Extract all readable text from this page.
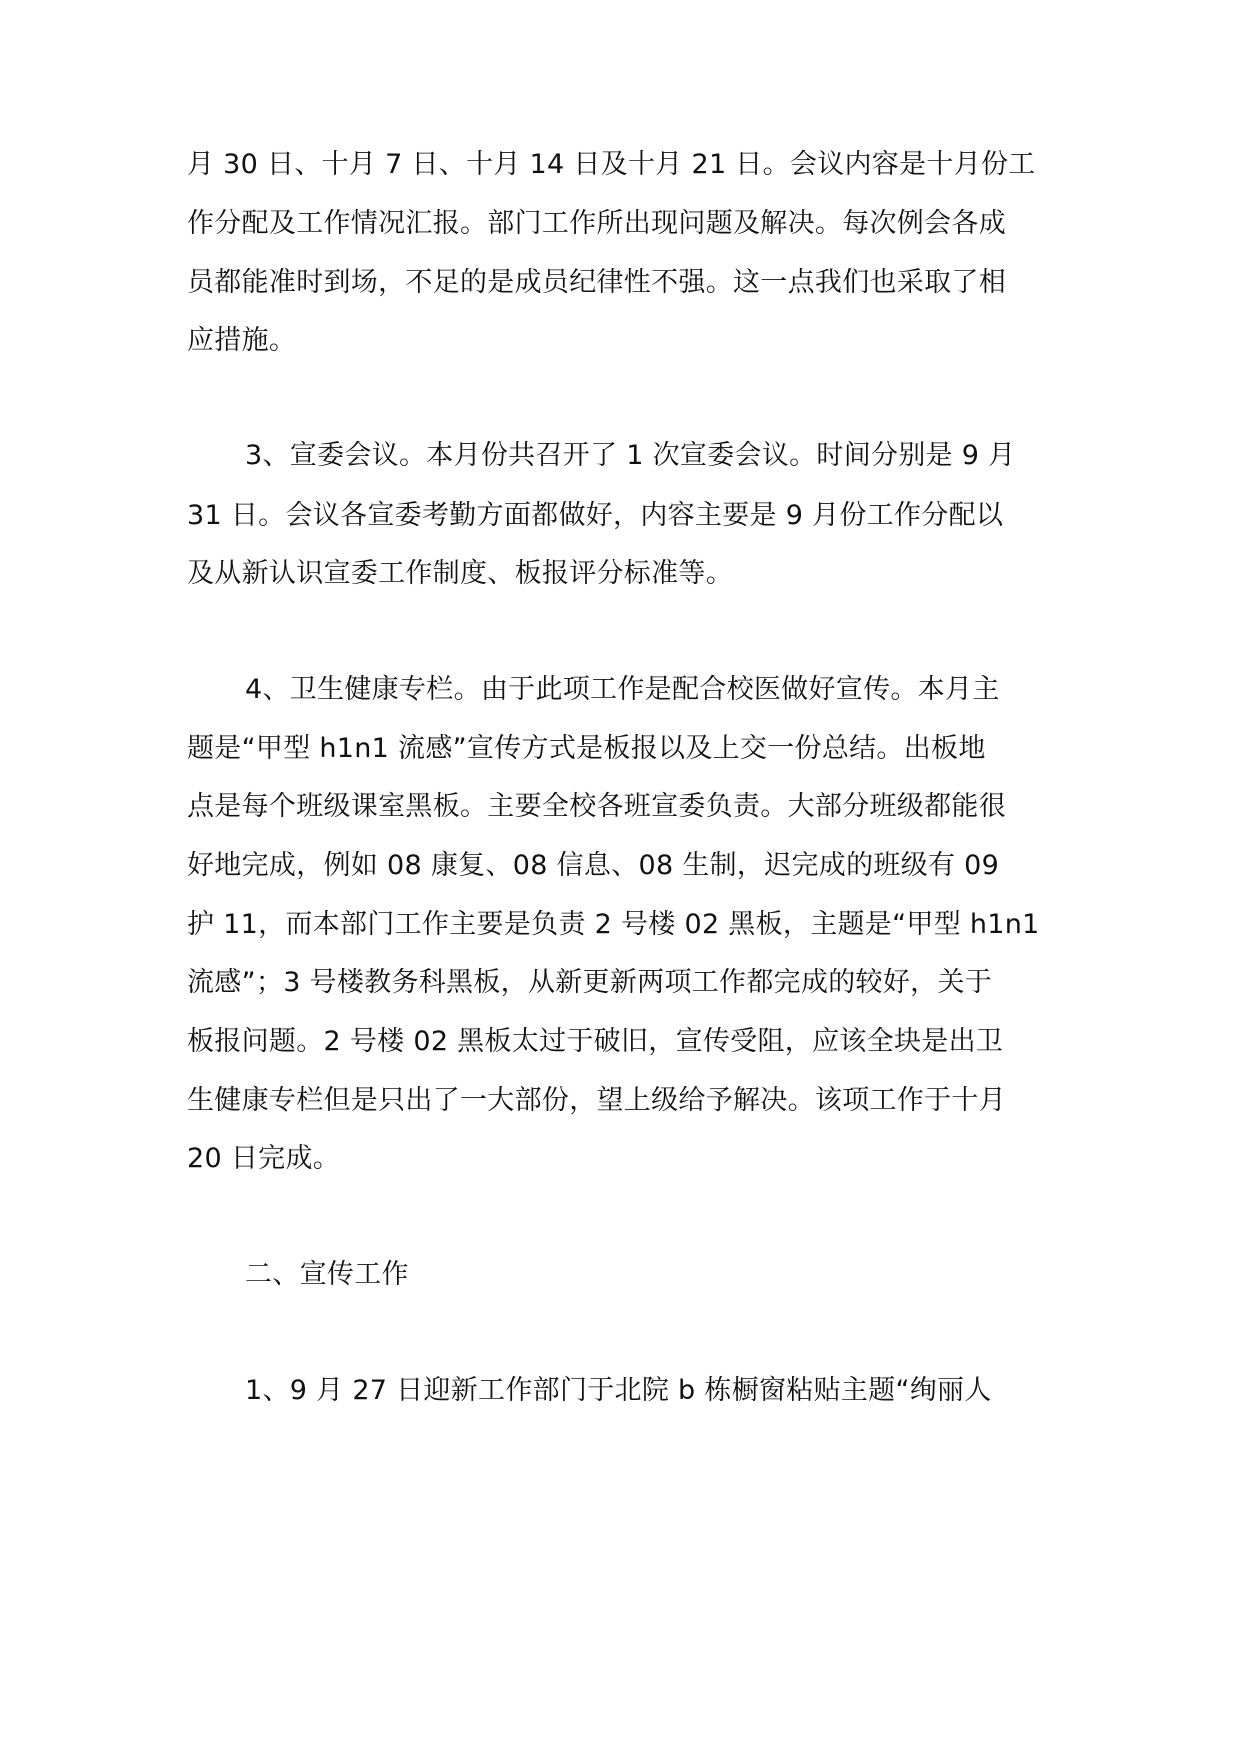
月 30 日、十月 7 日、十月 14 日及十月 21 日。会议内容是十月份工
作分配及工作情况汇报。部门工作所出现问题及解决。每次例会各成
员都能准时到场，不足的是成员纪律性不强。这一点我们也采取了相
应措施。
3、宣委会议。本月份共召开了 1 次宣委会议。时间分别是 9 月
31 日。会议各宣委考勤方面都做好，内容主要是 9 月份工作分配以
及从新认识宣委工作制度、板报评分标准等。
4、卫生健康专栏。由于此项工作是配合校医做好宣传。本月主
题是“甲型 h1n1 流感”宣传方式是板报以及上交一份总结。出板地
点是每个班级课室黑板。主要全校各班宣委负责。大部分班级都能很
好地完成，例如 08 康复、08 信息、08 生制，迟完成的班级有 09
护 11，而本部门工作主要是负责 2 号楼 02 黑板，主题是“甲型 h1n1
流感”；3 号楼教务科黑板，从新更新两项工作都完成的较好，关于
板报问题。2 号楼 02 黑板太过于破旧，宣传受阻，应该全块是出卫
生健康专栏但是只出了一大部份，望上级给予解决。该项工作于十月
20 日完成。
二、宣传工作
1、9 月 27 日迎新工作部门于北院 b 栋橱窗粘贴主题“绚丽人
